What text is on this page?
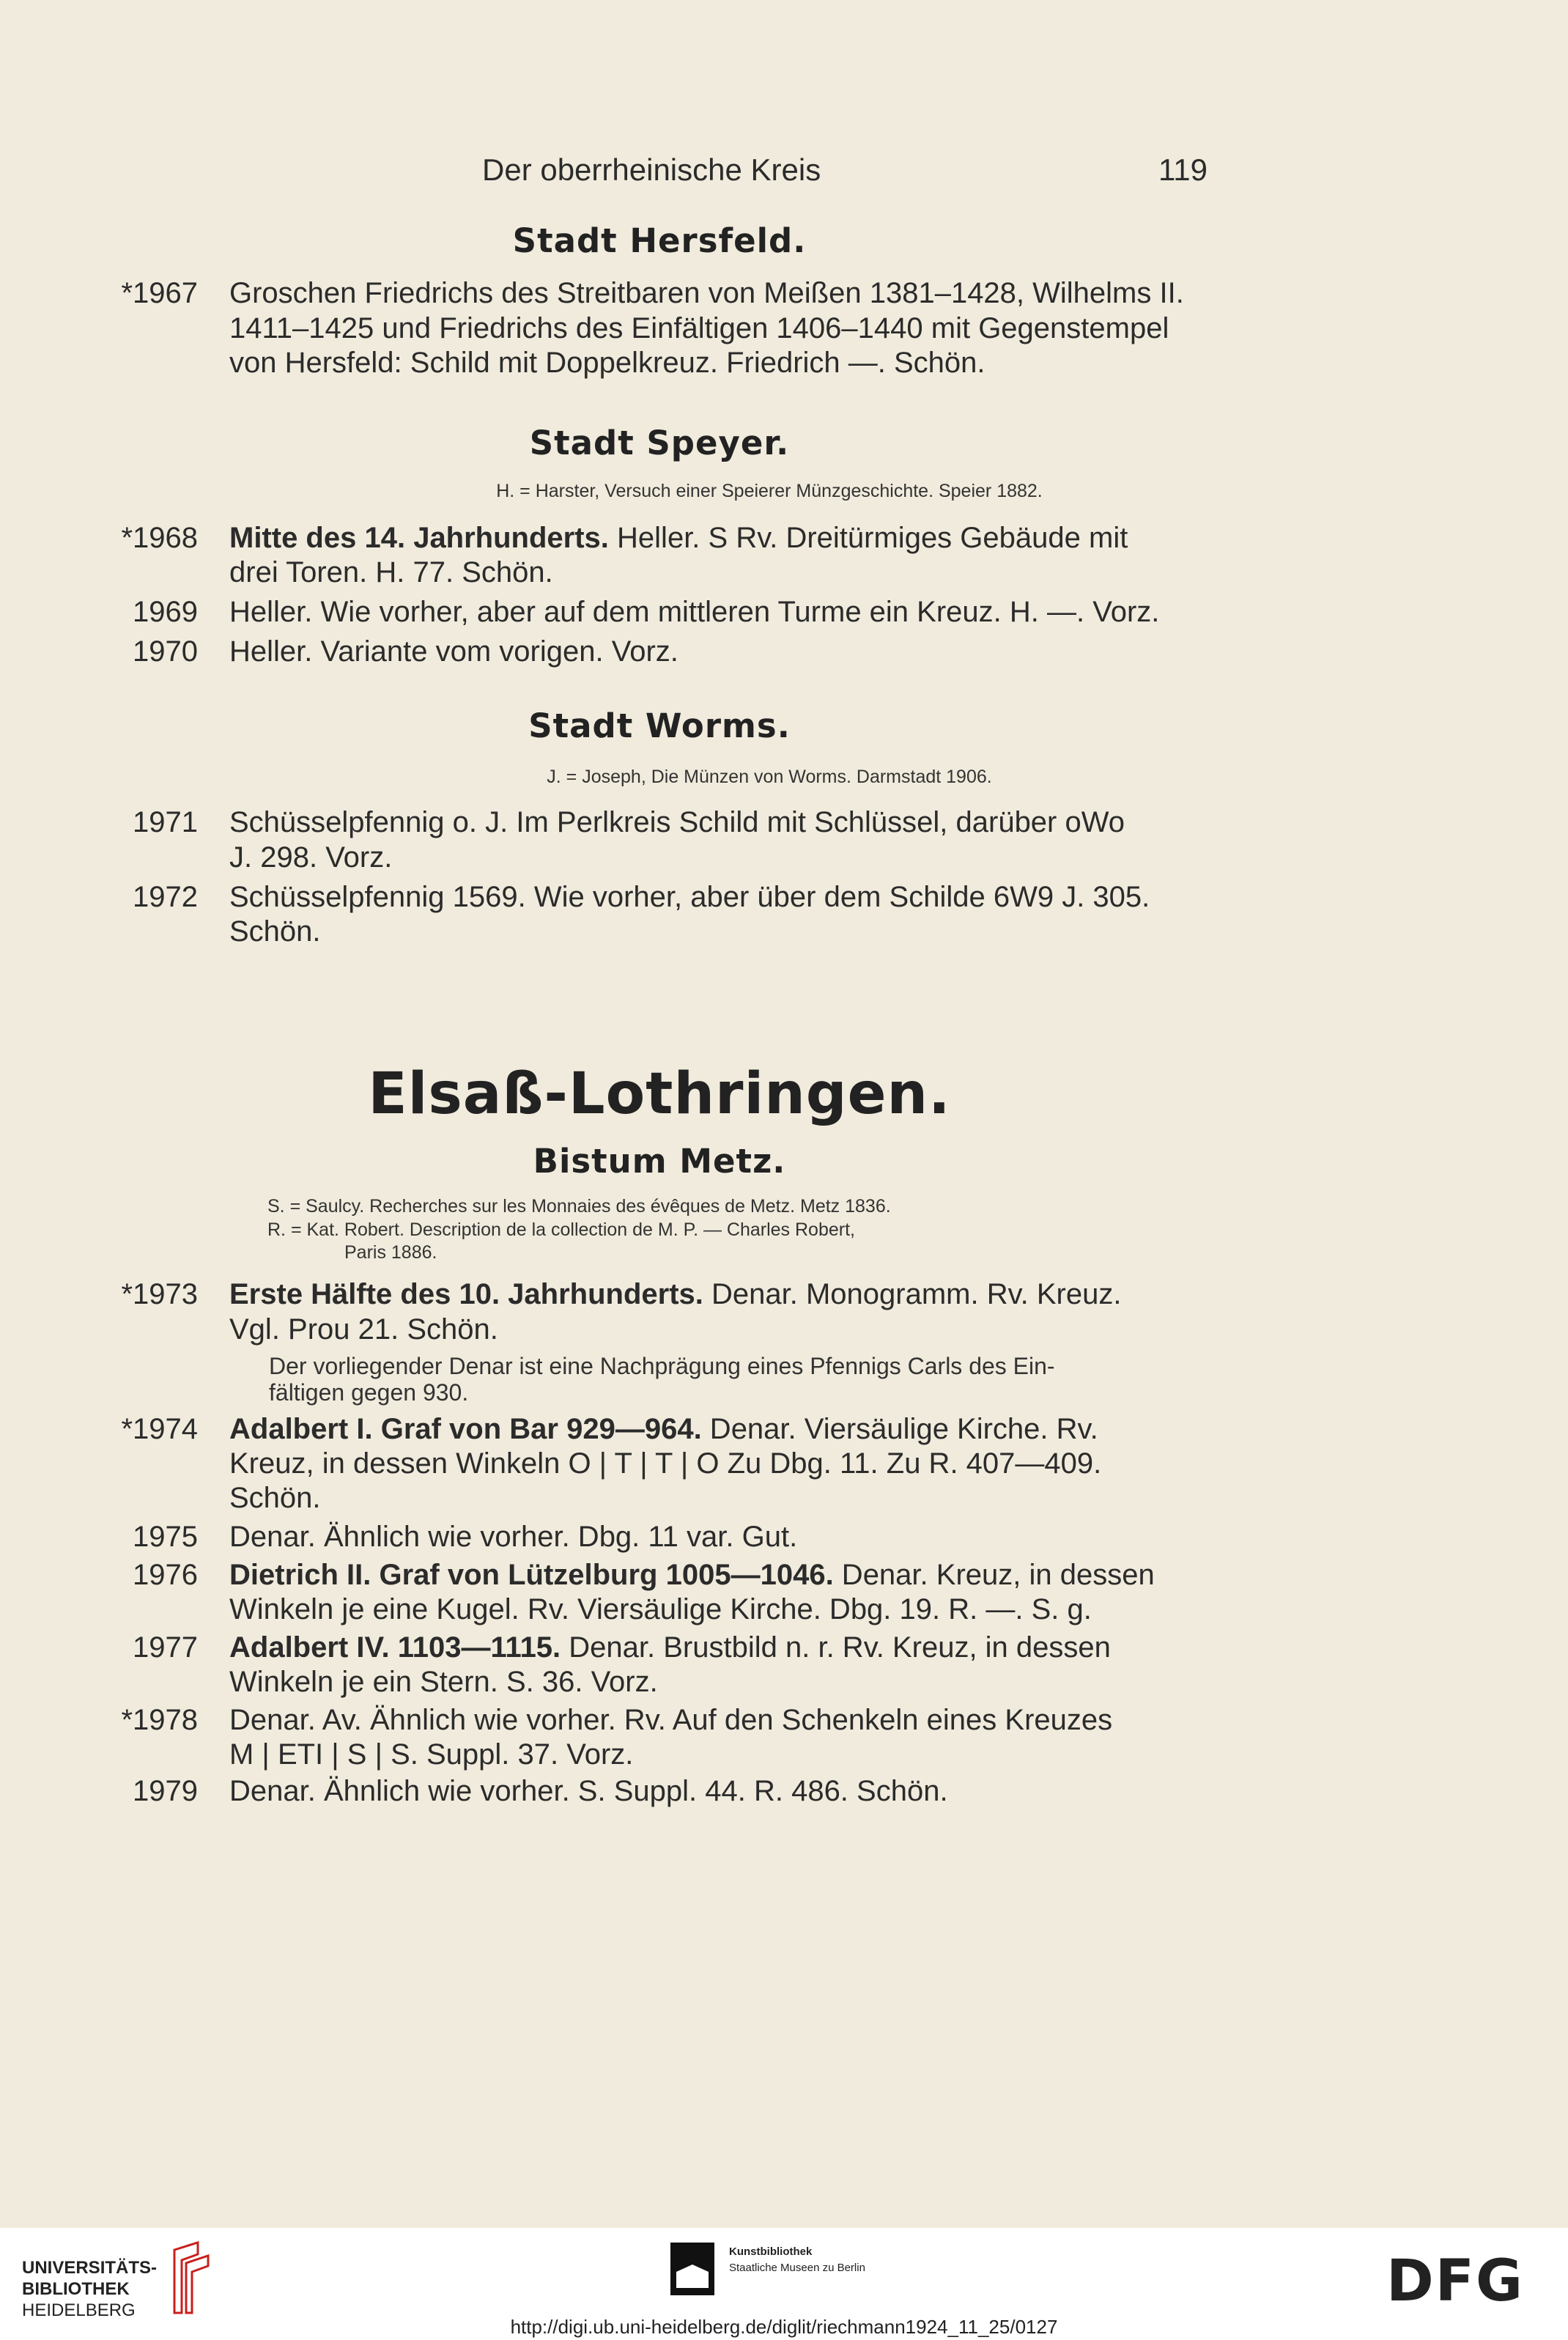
Der oberrheinische Kreis	119
Stadt Hersfeld.
*1967 Groschen Friedrichs des Streitbaren von Meißen 1381–1428, Wilhelms II.
1411–1425 und Friedrichs des Einfältigen 1406–1440 mit Gegenstempel
von Hersfeld: Schild mit Doppelkreuz. Friedrich —. Schön.
Stadt Speyer.
H. = Harster, Versuch einer Speierer Münzgeschichte. Speier 1882.
*1968 Mitte des 14. Jahrhunderts. Heller. S Rv. Dreitürmiges Gebäude mit
drei Toren. H. 77. Schön.
1969 Heller. Wie vorher, aber auf dem mittleren Turme ein Kreuz. H. —. Vorz.
1970 Heller. Variante vom vorigen. Vorz.
Stadt Worms.
J. = Joseph, Die Münzen von Worms. Darmstadt 1906.
1971 Schüsselpfennig o. J. Im Perlkreis Schild mit Schlüssel, darüber oWo
J. 298. Vorz.
1972 Schüsselpfennig 1569. Wie vorher, aber über dem Schilde 6W9 J. 305.
Schön.
Elsaß-Lothringen.
Bistum Metz.
S. = Saulcy. Recherches sur les Monnaies des évêques de Metz. Metz 1836.
R. = Kat. Robert. Description de la collection de M. P. — Charles Robert,
Paris 1886.
*1973 Erste Hälfte des 10. Jahrhunderts. Denar. Monogramm. Rv. Kreuz.
Vgl. Prou 21. Schön.
Der vorliegender Denar ist eine Nachprägung eines Pfennigs Carls des Ein-
fältigen gegen 930.
*1974 Adalbert I. Graf von Bar 929—964. Denar. Viersäulige Kirche. Rv.
Kreuz, in dessen Winkeln O | T | T | O Zu Dbg. 11. Zu R. 407—409.
Schön.
1975 Denar. Ähnlich wie vorher. Dbg. 11 var. Gut.
1976 Dietrich II. Graf von Lützelburg 1005—1046. Denar. Kreuz, in dessen
Winkeln je eine Kugel. Rv. Viersäulige Kirche. Dbg. 19. R. —. S. g.
1977 Adalbert IV. 1103—1115. Denar. Brustbild n. r. Rv. Kreuz, in dessen
Winkeln je ein Stern. S. 36. Vorz.
*1978 Denar. Av. Ähnlich wie vorher. Rv. Auf den Schenkeln eines Kreuzes
M | ETI | S | S. Suppl. 37. Vorz.
1979 Denar. Ähnlich wie vorher. S. Suppl. 44. R. 486. Schön.
UNIVERSITÄTS-
BIBLIOTHEK
HEIDELBERG
Kunstbibliothek
Staatliche Museen zu Berlin	DFG
http://digi.ub.uni-heidelberg.de/diglit/riechmann1924_11_25/0127
